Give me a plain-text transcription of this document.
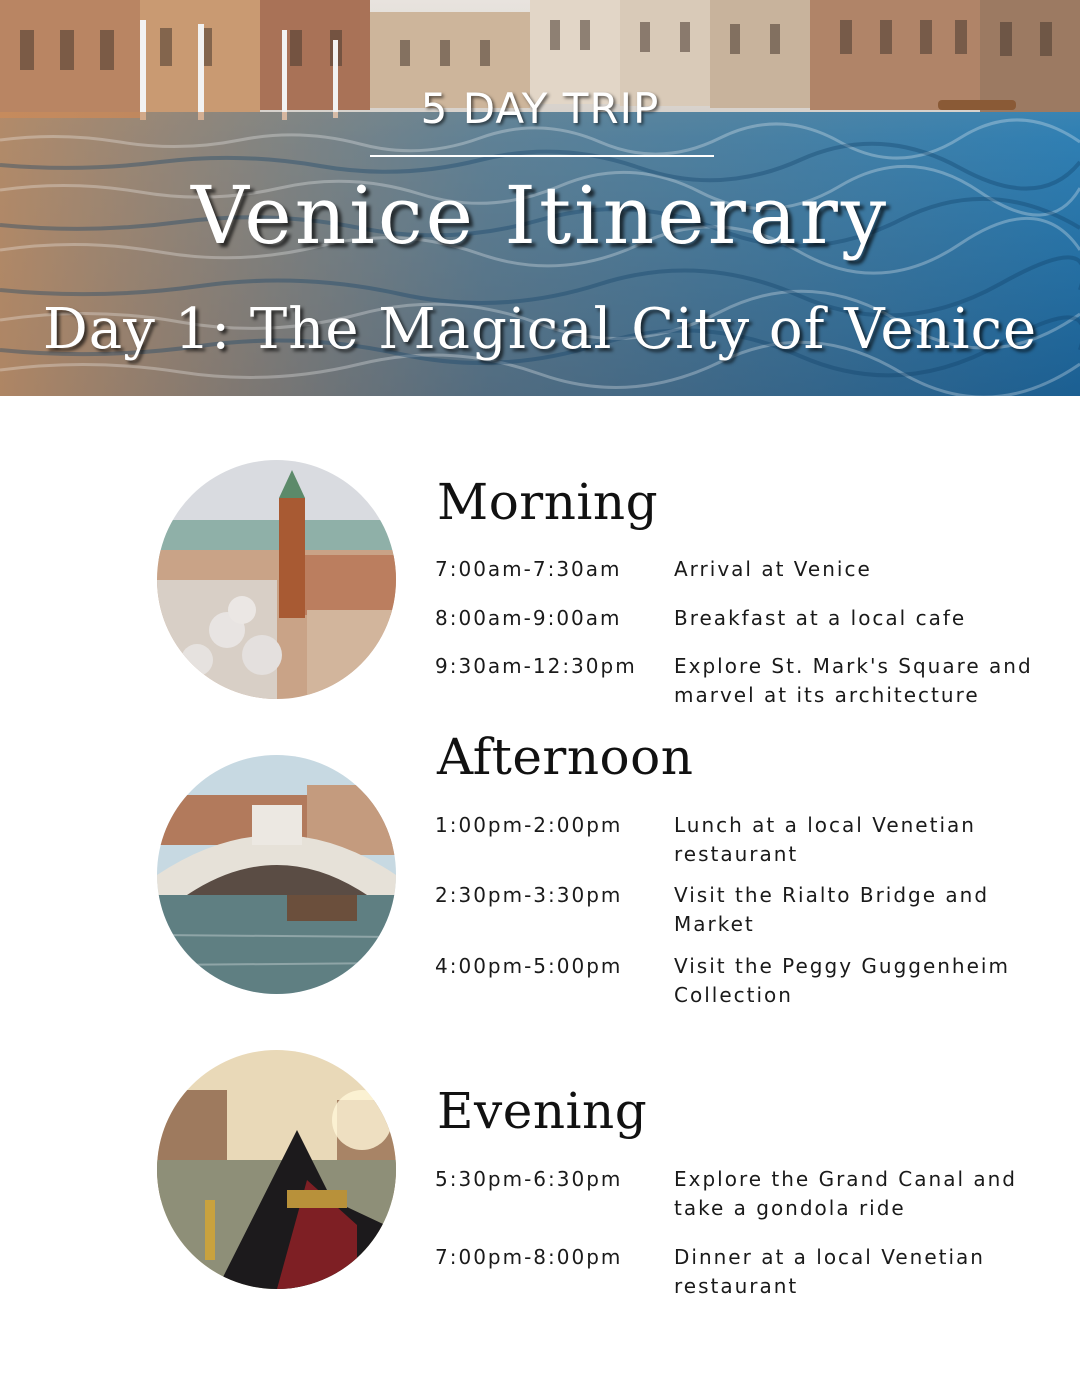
5 DAY TRIP
Venice Itinerary
Day 1: The Magical City of Venice
Morning
7:00am-7:30am	Arrival at Venice
8:00am-9:00am	Breakfast at a local cafe
9:30am-12:30pm Explore St. Mark's Square and marvel at its architecture
Afternoon
1:00pm-2:00pm	Lunch at a local Venetian restaurant
2:30pm-3:30pm	Visit the Rialto Bridge and Market
4:00pm-5:00pm	Visit the Peggy Guggenheim Collection
Evening
5:30pm-6:30pm	Explore the Grand Canal and take a gondola ride
7:00pm-8:00pm	Dinner at a local Venetian restaurant
